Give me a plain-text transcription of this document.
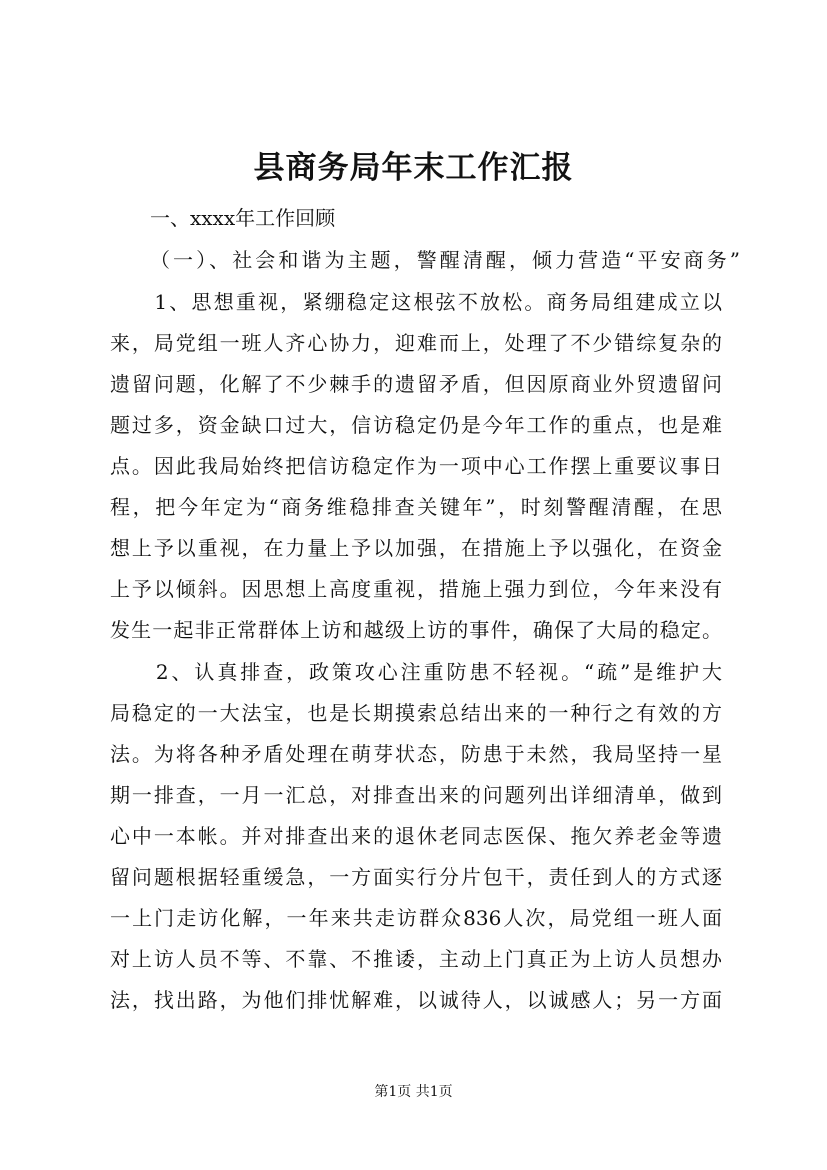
县商务局年末工作汇报
　　一、xxxx年工作回顾
（一）、社会和谐为主题，警醒清醒，倾力营造“平安商务”
　　1、思想重视，紧绷稳定这根弦不放松。商务局组建成立以
来，局党组一班人齐心协力，迎难而上，处理了不少错综复杂的
遗留问题，化解了不少棘手的遗留矛盾，但因原商业外贸遗留问
题过多，资金缺口过大，信访稳定仍是今年工作的重点，也是难
点。因此我局始终把信访稳定作为一项中心工作摆上重要议事日
程，把今年定为“商务维稳排查关键年”，时刻警醒清醒，在思
想上予以重视，在力量上予以加强，在措施上予以强化，在资金
上予以倾斜。因思想上高度重视，措施上强力到位，今年来没有
发生一起非正常群体上访和越级上访的事件，确保了大局的稳定。
　　2、认真排查，政策攻心注重防患不轻视。“疏”是维护大
局稳定的一大法宝，也是长期摸索总结出来的一种行之有效的方
法。为将各种矛盾处理在萌芽状态，防患于未然，我局坚持一星
期一排查，一月一汇总，对排查出来的问题列出详细清单，做到
心中一本帐。并对排查出来的退休老同志医保、拖欠养老金等遗
留问题根据轻重缓急，一方面实行分片包干，责任到人的方式逐
一上门走访化解，一年来共走访群众836人次，局党组一班人面
对上访人员不等、不靠、不推诿，主动上门真正为上访人员想办
法，找出路，为他们排忧解难，以诚待人，以诚感人；另一方面
第1页 共1页
